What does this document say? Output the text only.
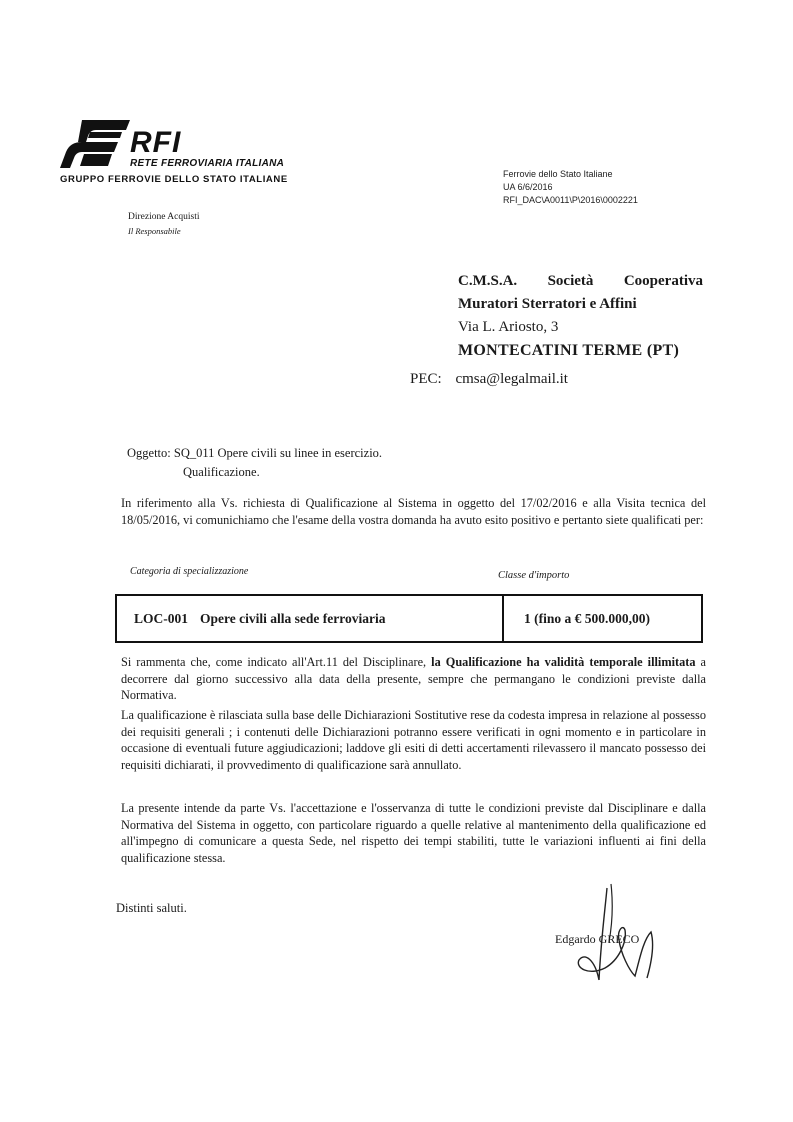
RFI
RETE FERROVIARIA ITALIANA
GRUPPO FERROVIE DELLO STATO ITALIANE	Ferrovie dello Stato Italiane
UA 6/6/2016
RFI_DAC\A0011\P\2016\0002221
Direzione Acquisti
Il Responsabile
C.M.S.A. Società Cooperativa
Muratori Sterratori e Affini
Via L. Ariosto, 3
MONTECATINI TERME (PT)
PEC: cmsa@legalmail.it
Oggetto: SQ_011 Opere civili su linee in esercizio.
Qualificazione.
In riferimento alla Vs. richiesta di Qualificazione al Sistema in oggetto del 17/02/2016 e alla Visita tecnica del 18/05/2016, vi comunichiamo che l'esame della vostra domanda ha avuto esito positivo e pertanto siete qualificati per:
Categoria di specializzazione	Classe d'importo
LOC-001 Opere civili alla sede ferroviaria	1 (fino a € 500.000,00)
Si rammenta che, come indicato all'Art.11 del Disciplinare, la Qualificazione ha validità temporale illimitata a decorrere dal giorno successivo alla data della presente, sempre che permangano le condizioni previste dalla Normativa.
La qualificazione è rilasciata sulla base delle Dichiarazioni Sostitutive rese da codesta impresa in relazione al possesso dei requisiti generali ; i contenuti delle Dichiarazioni potranno essere verificati in ogni momento e in particolare in occasione di eventuali future aggiudicazioni; laddove gli esiti di detti accertamenti rilevassero il mancato possesso dei requisiti dichiarati, il provvedimento di qualificazione sarà annullato.
La presente intende da parte Vs. l'accettazione e l'osservanza di tutte le condizioni previste dal Disciplinare e dalla Normativa del Sistema in oggetto, con particolare riguardo a quelle relative al mantenimento della qualificazione ed all'impegno di comunicare a questa Sede, nel rispetto dei tempi stabiliti, tutte le variazioni influenti ai fini della qualificazione stessa.
Distinti saluti.
Edgardo GRECO
